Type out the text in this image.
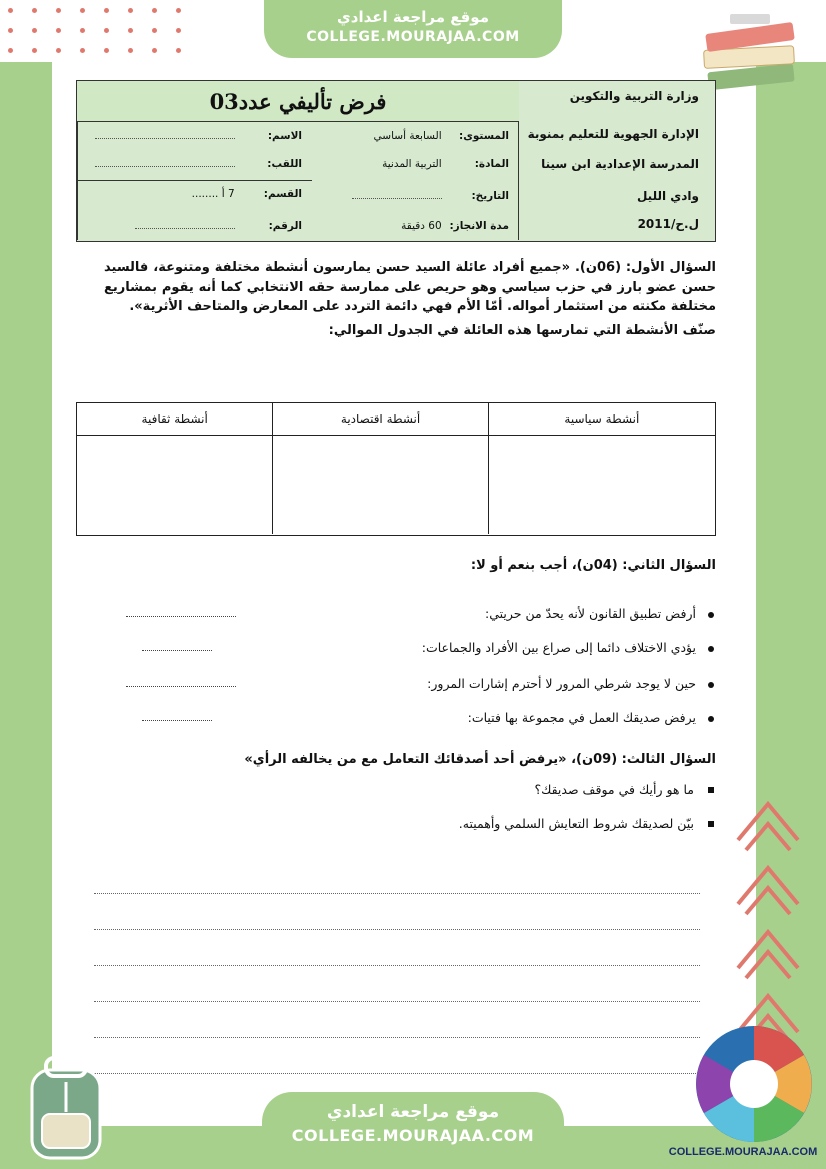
موقع مراجعة اعدادي
COLLEGE.MOURAJAA.COM
وزارة التربية والتكوين
الإدارة الجهوية للتعليم بمنوبة
المدرسة الإعدادية ابن سينا
وادي الليل
ل.ح/2011
فرض تأليفي عدد03
المستوى: السابعة أساسي
المادة: التربية المدنية
التاريخ:
مدة الانجاز: 60 دقيقة
الاسم:
اللقب:
القسم: 7 أ ........
الرقم:

السؤال الأول: (06ن). «جميع أفراد عائلة السيد حسن يمارسون أنشطة مختلفة ومتنوعة، فالسيد حسن عضو بارز في حزب سياسي وهو حريص على ممارسة حقه الانتخابي كما أنه يقوم بمشاريع مختلفة مكنته من استثمار أمواله. أمّا الأم فهي دائمة التردد على المعارض والمتاحف الأثرية».

صنّف الأنشطة التي تمارسها هذه العائلة في الجدول الموالي:

أنشطة سياسية
أنشطة اقتصادية
أنشطة ثقافية
السؤال الثاني: (04ن)، أجب بنعم أو لا:
أرفض تطبيق القانون لأنه يحدّ من حريتي:
يؤدي الاختلاف دائما إلى صراع بين الأفراد والجماعات:
حين لا يوجد شرطي المرور لا أحترم إشارات المرور:
يرفض صديقك العمل في مجموعة بها فتيات:
السؤال الثالث: (09ن)، «يرفض أحد أصدقائك التعامل مع من يخالفه الرأي»
ما هو رأيك في موقف صديقك؟
بيّن لصديقك شروط التعايش السلمي وأهميته.
موقع مراجعة اعدادي
COLLEGE.MOURAJAA.COM
COLLEGE.MOURAJAA.COM
